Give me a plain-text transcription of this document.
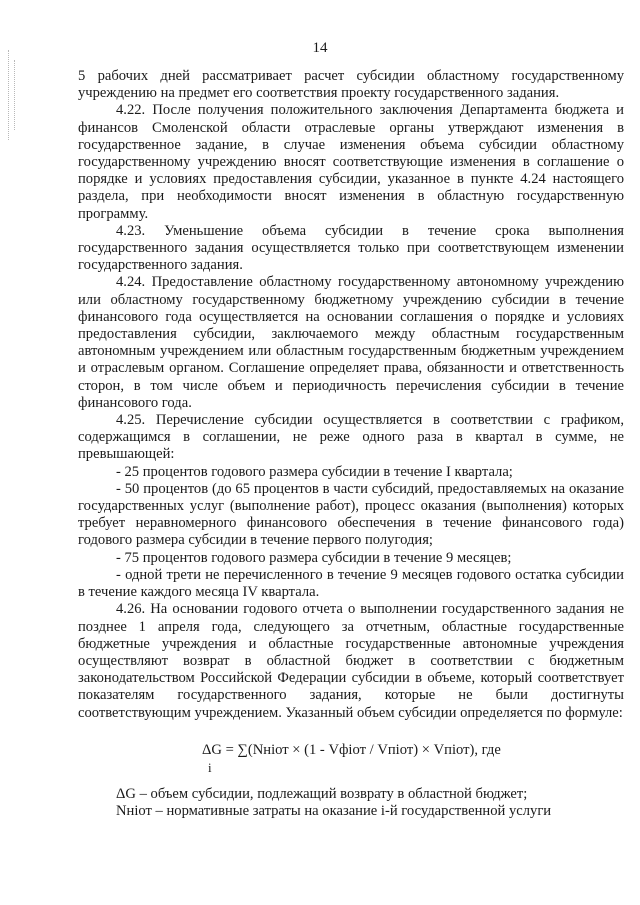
14

5 рабочих дней рассматривает расчет субсидии областному государственному учреждению на предмет его соответствия проекту государственного задания.

4.22. После получения положительного заключения Департамента бюджета и финансов Смоленской области отраслевые органы утверждают изменения в государственное задание, в случае изменения объема субсидии областному государственному учреждению вносят соответствующие изменения в соглашение о порядке и условиях предоставления субсидии, указанное в пункте 4.24 настоящего раздела, при необходимости вносят изменения в областную государственную программу.

4.23. Уменьшение объема субсидии в течение срока выполнения государственного задания осуществляется только при соответствующем изменении государственного задания.

4.24. Предоставление областному государственному автономному учреждению или областному государственному бюджетному учреждению субсидии в течение финансового года осуществляется на основании соглашения о порядке и условиях предоставления субсидии, заключаемого между областным государственным автономным учреждением или областным государственным бюджетным учреждением и отраслевым органом. Соглашение определяет права, обязанности и ответственность сторон, в том числе объем и периодичность перечисления субсидии в течение финансового года.

4.25. Перечисление субсидии осуществляется в соответствии с графиком, содержащимся в соглашении, не реже одного раза в квартал в сумме, не превышающей:

- 25 процентов годового размера субсидии в течение I квартала;

- 50 процентов (до 65 процентов в части субсидий, предоставляемых на оказание государственных услуг (выполнение работ), процесс оказания (выполнения) которых требует неравномерного финансового обеспечения в течение финансового года) годового размера субсидии в течение первого полугодия;

- 75 процентов годового размера субсидии в течение 9 месяцев;

- одной трети не перечисленного в течение 9 месяцев годового остатка субсидии в течение каждого месяца IV квартала.

4.26. На основании годового отчета о выполнении государственного задания не позднее 1 апреля года, следующего за отчетным, областные государственные бюджетные учреждения и областные государственные автономные учреждения осуществляют возврат в областной бюджет в соответствии с бюджетным законодательством Российской Федерации субсидии в объеме, который соответствует показателям государственного задания, которые не были достигнуты соответствующим учреждением. Указанный объем субсидии определяется по формуле:

ΔG = ∑(Nніот × (1 - Vфіот / Vпіот) × Vпіот), где
i

ΔG – объем субсидии, подлежащий возврату в областной бюджет;

Nніот – нормативные затраты на оказание і-й государственной услуги
